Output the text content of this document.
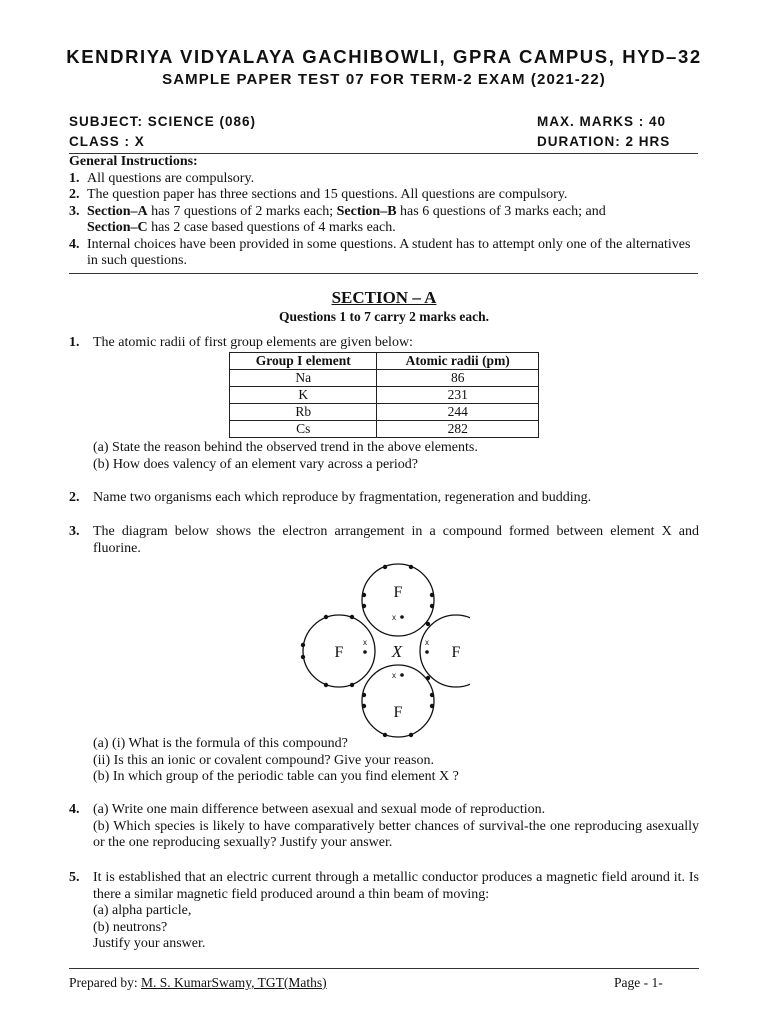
KENDRIYA VIDYALAYA GACHIBOWLI, GPRA CAMPUS, HYD–32
SAMPLE PAPER TEST 07 FOR TERM-2 EXAM (2021-22)
SUBJECT: SCIENCE (086)	MAX. MARKS : 40
CLASS : X	DURATION: 2 HRS
General Instructions:
1. All questions are compulsory.
2. The question paper has three sections and 15 questions. All questions are compulsory.
3. Section–A has 7 questions of 2 marks each; Section–B has 6 questions of 3 marks each; and
Section–C has 2 case based questions of 4 marks each.
4. Internal choices have been provided in some questions. A student has to attempt only one of the alternatives in such questions.
SECTION – A
Questions 1 to 7 carry 2 marks each.
1. The atomic radii of first group elements are given below:
Group I element	Atomic radii (pm)
Na	86
K	231
Rb	244
Cs	282
(a) State the reason behind the observed trend in the above elements.
(b) How does valency of an element vary across a period?
2. Name two organisms each which reproduce by fragmentation, regeneration and budding.
3. The diagram below shows the electron arrangement in a compound formed between element X and fluorine.
F
F
F	F
X
x
x
x	x
(a) (i) What is the formula of this compound?
(ii) Is this an ionic or covalent compound? Give your reason.
(b) In which group of the periodic table can you find element X ?
4. (a) Write one main difference between asexual and sexual mode of reproduction.
(b) Which species is likely to have comparatively better chances of survival-the one reproducing asexually or the one reproducing sexually? Justify your answer.
5. It is established that an electric current through a metallic conductor produces a magnetic field around it. Is there a similar magnetic field produced around a thin beam of moving:
(a) alpha particle,
(b) neutrons?
Justify your answer.
Prepared by: M. S. KumarSwamy, TGT(Maths)	Page - 1-
